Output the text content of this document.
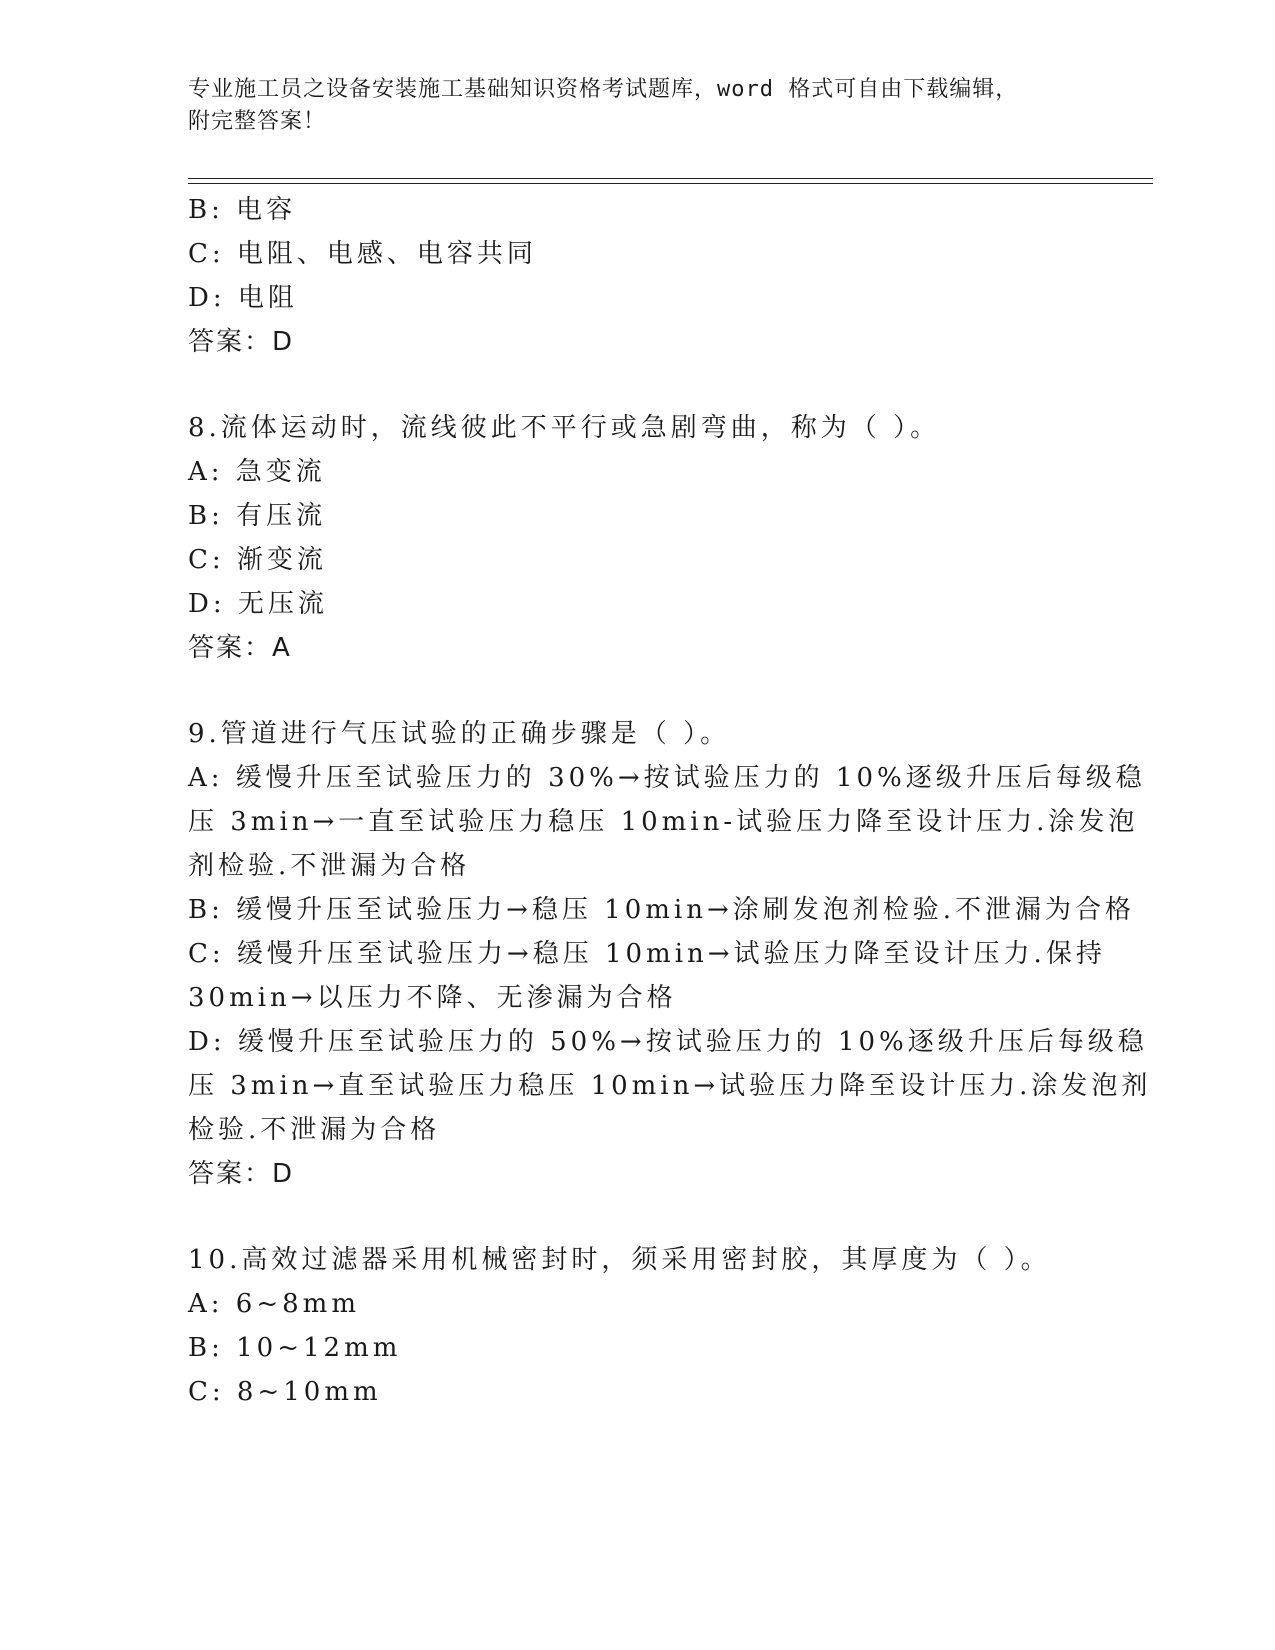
专业施工员之设备安装施工基础知识资格考试题库，word 格式可自由下载编辑，
附完整答案！
B: 电容
C: 电阻、电感、电容共同
D: 电阻
答案：D
8.流体运动时，流线彼此不平行或急剧弯曲，称为（ ）。
A: 急变流
B: 有压流
C: 渐变流
D: 无压流
答案：A
9.管道进行气压试验的正确步骤是（ ）。
A: 缓慢升压至试验压力的 30%→按试验压力的 10%逐级升压后每级稳
压 3min→一直至试验压力稳压 10min-试验压力降至设计压力.涂发泡
剂检验.不泄漏为合格
B: 缓慢升压至试验压力→稳压 10min→涂刷发泡剂检验.不泄漏为合格
C: 缓慢升压至试验压力→稳压 10min→试验压力降至设计压力.保持
30min→以压力不降、无渗漏为合格
D: 缓慢升压至试验压力的 50%→按试验压力的 10%逐级升压后每级稳
压 3min→直至试验压力稳压 10min→试验压力降至设计压力.涂发泡剂
检验.不泄漏为合格
答案：D
10.高效过滤器采用机械密封时，须采用密封胶，其厚度为（ ）。
A: 6~8mm
B: 10~12mm
C: 8~10mm
